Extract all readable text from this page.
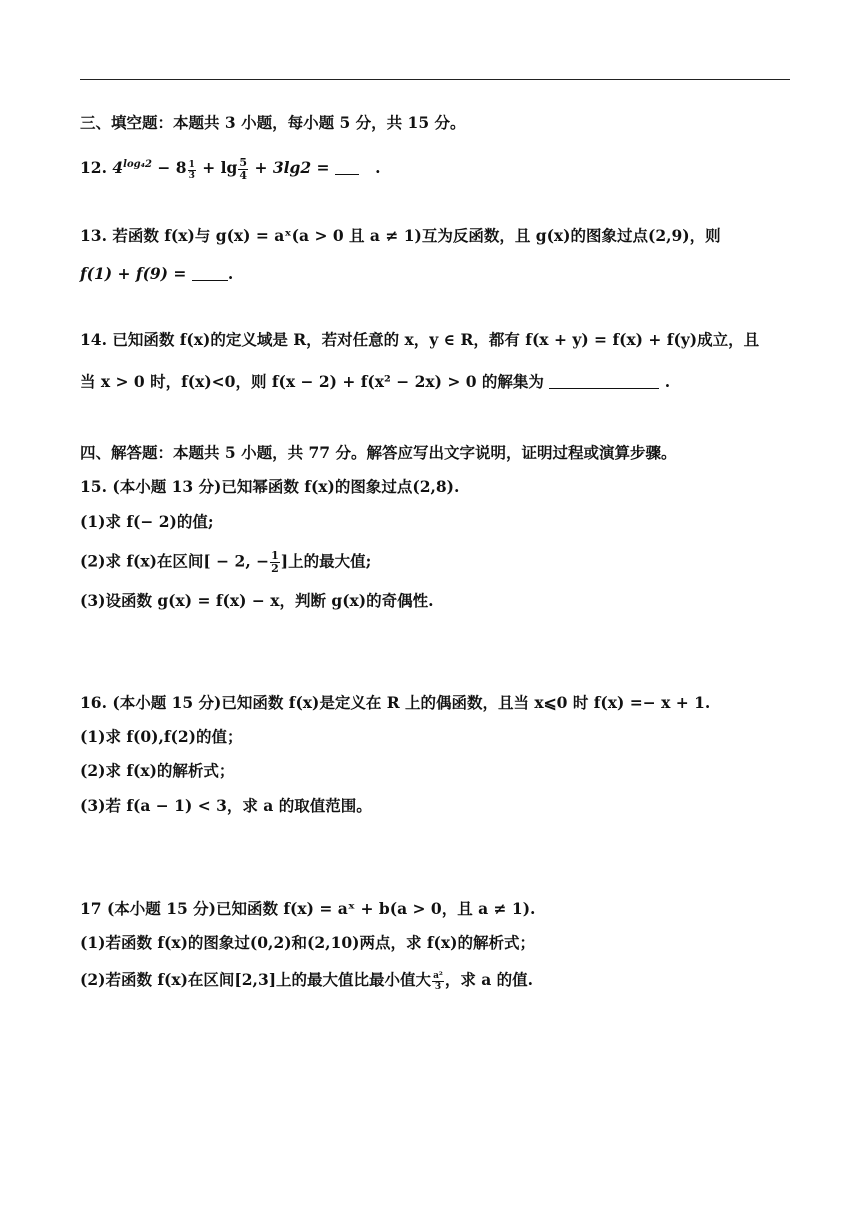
三、填空题：本题共 3 小题，每小题 5 分，共 15 分。
12. $4^{log_42} - 8 \frac{1}{3} + \lg \frac{5}{4} + 3\lg 2$ =	.
13. 若函数 f(x)与 g(x) = aˣ(a > 0 且 a ≠ 1)互为反函数，且 g(x)的图象过点(2,9)，则
f(1) + f(9) = .
14. 已知函数 f(x)的定义域是 R，若对任意的 x，y ∈ R，都有 f(x + y) = f(x) + f(y)成立，且
当 x > 0 时，f(x)<0，则 f(x − 2) + f(x² − 2x) > 0 的解集为	.
四、解答题：本题共 5 小题，共 77 分。解答应写出文字说明，证明过程或演算步骤。
15. (本小题 13 分)已知幂函数 f(x)的图象过点(2,8).
(1)求 f(− 2)的值;
(2)求 f(x)在区间[ − 2, − $\frac{1}{2}$ ]上的最大值;
(3)设函数 g(x) = f(x) − x，判断 g(x)的奇偶性.
16. (本小题 15 分)已知函数 f(x)是定义在 R 上的偶函数，且当 x⩽0 时 f(x) =− x + 1.
(1)求 f(0),f(2)的值；
(2)求 f(x)的解析式；
(3)若 f(a − 1) < 3，求 a 的取值范围。
17 (本小题 15 分)已知函数 f(x) = aˣ + b(a > 0，且 a ≠ 1).
(1)若函数 f(x)的图象过(0,2)和(2,10)两点，求 f(x)的解析式；
(2)若函数 f(x)在区间[2,3]上的最大值比最小值大 $\frac{\text{a²}}{3}$ ，求 a 的值.
